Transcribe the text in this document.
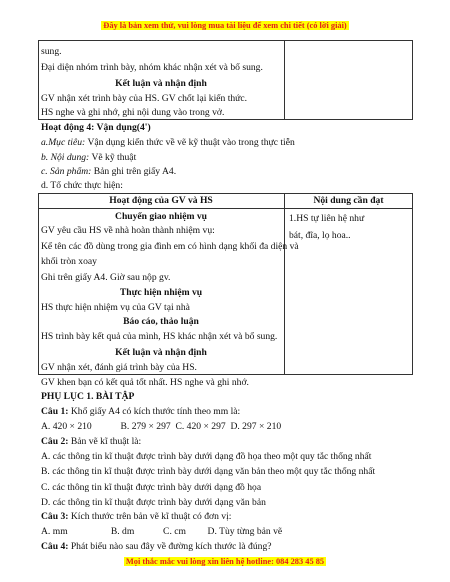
Đây là bản xem thử, vui lòng mua tài liệu để xem chi tiết (có lời giải)
sung.
Đại diện nhóm trình bày, nhóm khác nhận xét và bổ sung.
Kết luận và nhận định
GV nhận xét trình bày của HS. GV chốt lại kiến thức.
HS nghe và ghi nhớ, ghi nội dung vào trong vở.
Hoạt động 4: Vận dụng(4')
a.Mục tiêu: Vận dụng kiến thức về vẽ kỹ thuật vào trong thực tiễn
b. Nội dung: Vẽ kỹ thuật
c. Sản phẩm: Bản ghi trên giấy A4.
d. Tổ chức thực hiện:
Hoạt động của GV và HS	Nội dung cần đạt
Chuyển giao nhiệm vụ
GV yêu cầu HS về nhà hoàn thành nhiệm vụ:
Kể tên các đồ dùng trong gia đình em có hình dạng khối đa diện và
khối tròn xoay
Ghi trên giấy A4. Giờ sau nộp gv.
Thực hiện nhiệm vụ
HS thực hiện nhiệm vụ của GV tại nhà
Báo cáo, thảo luận
HS trình bày kết quả của mình, HS khác nhận xét và bổ sung.
Kết luận và nhận định
GV nhận xét, đánh giá trình bày của HS.
GV khen bạn có kết quả tốt nhất. HS nghe và ghi nhớ.
1.HS tự liên hệ như
bát, đĩa, lọ hoa..
PHỤ LỤC 1. BÀI TẬP
Câu 1: Khổ giấy A4 có kích thước tính theo mm là:
A. 420 × 210            B. 279 × 297  C. 420 × 297  D. 297 × 210
Câu 2: Bản vẽ kĩ thuật là:
A. các thông tin kĩ thuật được trình bày dưới dạng đồ họa theo một quy tắc thống nhất
B. các thông tin kĩ thuật được trình bày dưới dạng văn bản theo một quy tắc thống nhất
C. các thông tin kĩ thuật được trình bày dưới dạng đồ họa
D. các thông tin kĩ thuật được trình bày dưới dạng văn bản
Câu 3: Kích thước trên bản vẽ kĩ thuật có đơn vị:
A. mm                  B. dm            C. cm         D. Tùy từng bản vẽ
Câu 4: Phát biểu nào sau đây về đường kích thước là đúng?
Mọi thắc mắc vui lòng xin liên hệ hotline: 084 283 45 85
